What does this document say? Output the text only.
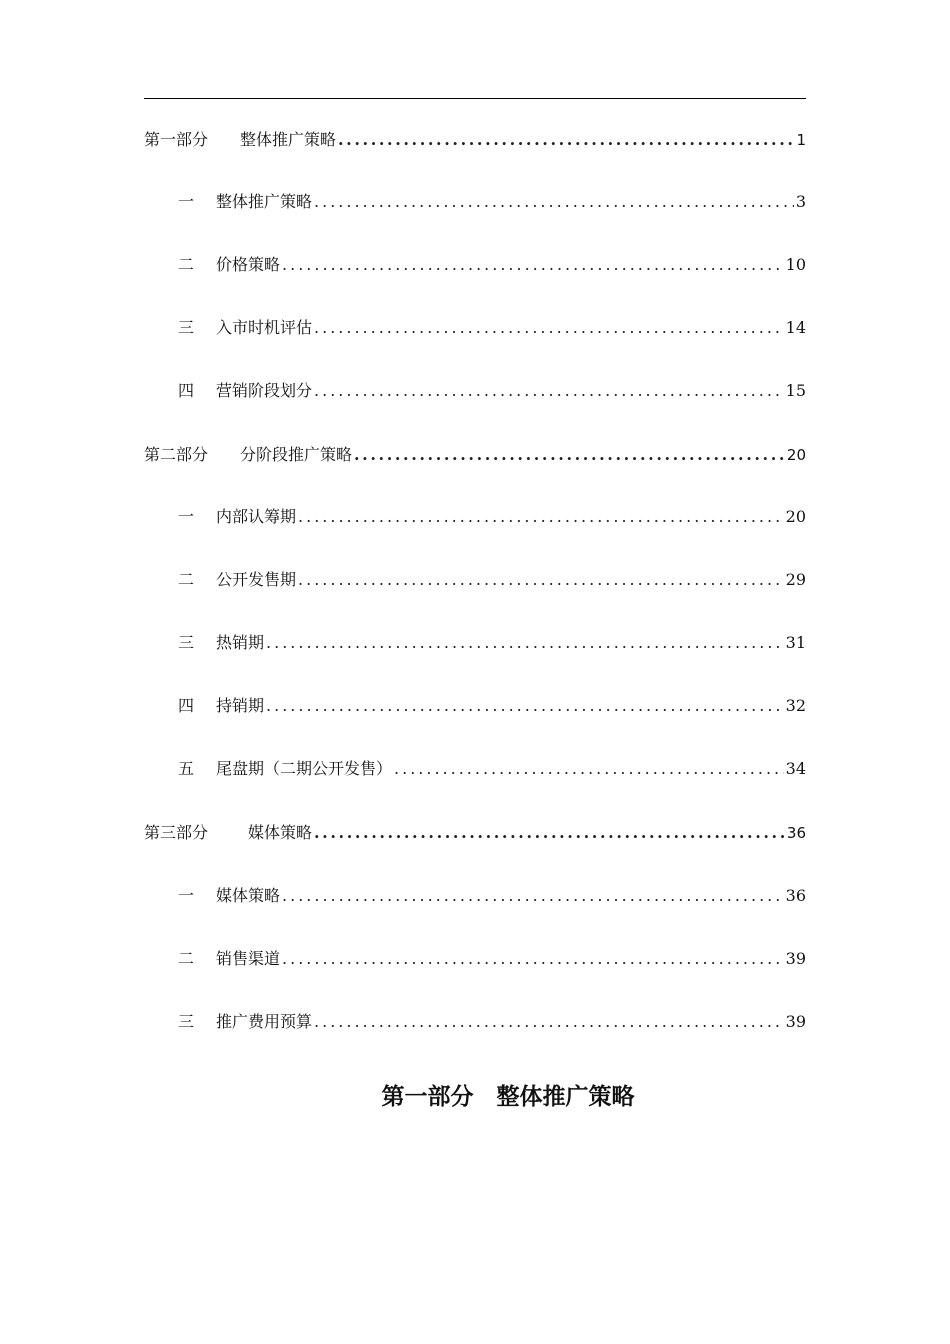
第一部分	整体推广策略 .....	1
一	整体推广策略 .....	3
二	价格策略 .....	10
三	入市时机评估 .....	14
四	营销阶段划分 .....	15
第二部分	分阶段推广策略 .....	20
一	内部认筹期 .....	20
二	公开发售期 .....	29
三	热销期 .....	31
四	持销期 .....	32
五	尾盘期（二期公开发售） .....	34
第三部分	媒体策略 .....	36
一	媒体策略 .....	36
二	销售渠道 .....	39
三	推广费用预算 .....	39
第一部分　整体推广策略
